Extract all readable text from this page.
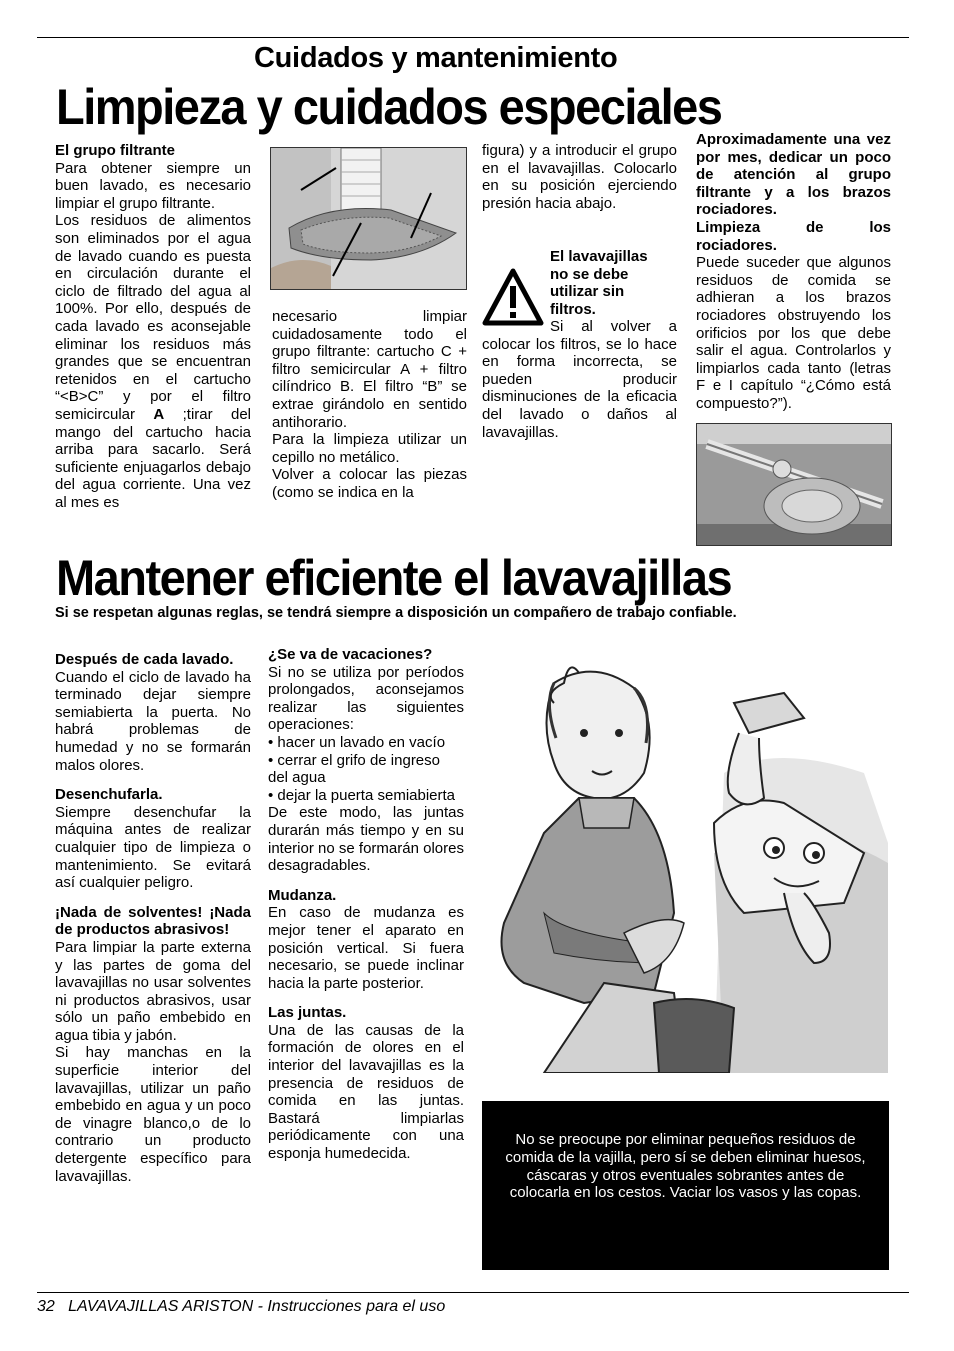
Cuidados y mantenimiento
Limpieza y cuidados especiales

El grupo filtrante

Para obtener siempre un buen lavado, es necesario limpiar el grupo filtrante.

Los residuos de alimentos son eliminados por el agua de lavado cuando es puesta en circulación durante el ciclo de filtrado del agua al 100%. Por ello, después de cada lavado es aconsejable eliminar los residuos más grandes que se encuentran retenidos en el cartucho “<B>C” y por el filtro semicircular A ;tirar del mango del cartucho hacia arriba para sacarlo. Será suficiente enjuagarlos debajo del agua corriente. Una vez al mes es

necesario limpiar cuidadosamente todo el grupo filtrante: cartucho C + filtro semicircular A + filtro cilíndrico B. El filtro “B” se extrae girándolo en sentido antihorario.

Para la limpieza utilizar un cepillo no metálico.

Volver a colocar las piezas (como se indica en la

figura) y a introducir el grupo en el lavavajillas. Colocarlo en su posición ejerciendo presión hacia abajo.

El lavavajillas no se debe utilizar sin filtros.
Si al volver a colocar los filtros, se lo hace en forma incorrecta, se pueden producir disminuciones de la eficacia del lavado o daños al lavavajillas.

Aproximadamente una vez por mes, dedicar un poco de atención al grupo filtrante y a los brazos rociadores.

Limpieza de los rociadores.

Puede suceder que algunos residuos de comida se adhieran a los brazos rociadores obstruyendo los orificios por los que debe salir el agua. Controlarlos y limpiarlos cada tanto (letras F e I capítulo “¿Cómo está compuesto?”).

Mantener eficiente el lavavajillas
Si se respetan algunas reglas, se tendrá siempre a disposición un compañero de trabajo confiable.

Después de cada lavado.

Cuando el ciclo de lavado ha terminado dejar siempre semiabierta la puerta. No habrá problemas de humedad y no se formarán malos olores.

Desenchufarla.

Siempre desenchufar la máquina antes de realizar cualquier tipo de limpieza o mantenimiento. Se evitará así cualquier peligro.

¡Nada de solventes! ¡Nada de productos abrasivos!

Para limpiar la parte externa y las partes de goma del lavavajillas no usar solventes ni productos abrasivos, usar sólo un paño embebido en agua tibia y jabón.

Si hay manchas en la superficie interior del lavavajillas, utilizar un paño embebido en agua y un poco de vinagre blanco,o de lo contrario un producto detergente específico para lavavajillas.

¿Se va de vacaciones?

Si no se utiliza por períodos prolongados, aconsejamos realizar las siguientes operaciones:

• hacer un lavado en vacío

• cerrar el grifo de ingreso del agua

• dejar la puerta semiabierta

De este modo, las juntas durarán más tiempo y en su interior no se formarán olores desagradables.

Mudanza.

En caso de mudanza es mejor tener el aparato en posición vertical. Si fuera necesario, se puede inclinar hacia la parte posterior.

Las juntas.

Una de las causas de la formación de olores en el interior del lavavajillas es la presencia de residuos de comida en las juntas. Bastará limpiarlas periódicamente con una esponja humedecida.

No se preocupe por eliminar pequeños residuos de comida de la vajilla, pero sí se deben eliminar huesos, cáscaras y otros eventuales sobrantes antes de colocarla en los cestos. Vaciar los vasos y las copas.
32 LAVAVAJILLAS ARISTON - Instrucciones para el uso
